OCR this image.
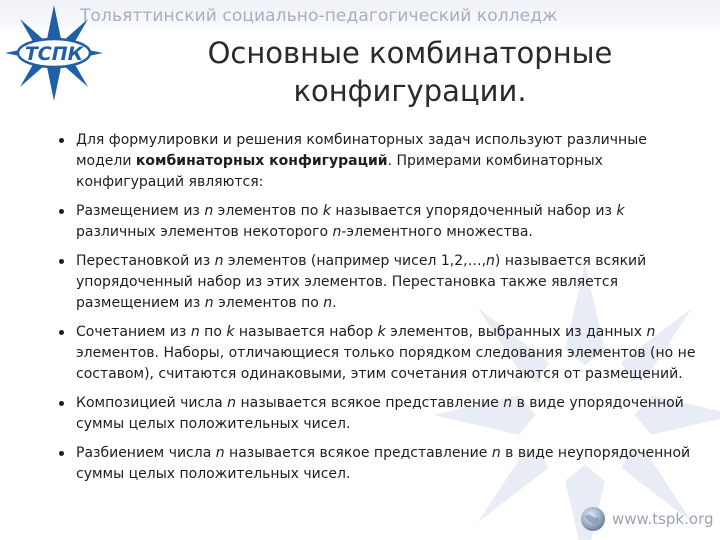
ТСПК
Тольяттинский социально-педагогический колледж
Основные комбинаторные
конфигурации.
Для формулировки и решения комбинаторных задач используют различные модели комбинаторных конфигураций. Примерами комбинаторных конфигураций являются:
Размещением из n элементов по k называется упорядоченный набор из k различных элементов некоторого n-элементного множества.
Перестановкой из n элементов (например чисел 1,2,…,n) называется всякий упорядоченный набор из этих элементов. Перестановка также является размещением из n элементов по n.
Сочетанием из n по k называется набор k элементов, выбранных из данных n элементов. Наборы, отличающиеся только порядком следования элементов (но не составом), считаются одинаковыми, этим сочетания отличаются от размещений.
Композицией числа n называется всякое представление n в виде упорядоченной суммы целых положительных чисел.
Разбиением числа n называется всякое представление n в виде неупорядоченной суммы целых положительных чисел.
www.tspk.org
